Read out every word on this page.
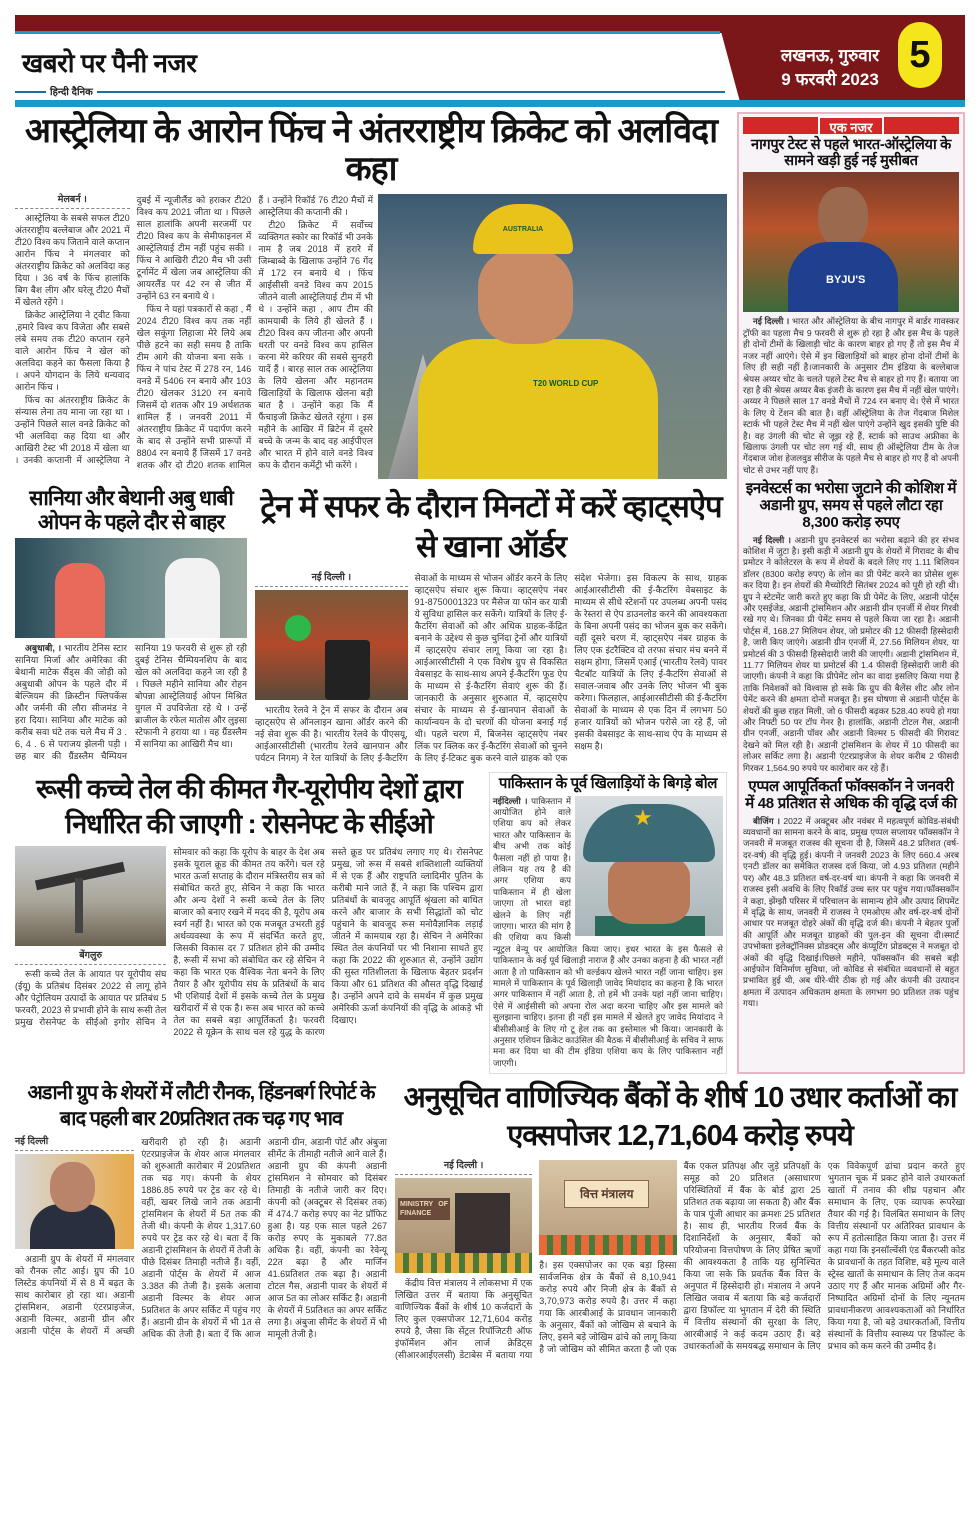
खबरो पर पैनी नजर
हिन्दी दैनिक
लखनऊ, गुरुवार
9 फरवरी 2023
5
आस्ट्रेलिया के आरोन फिंच ने अंतरराष्ट्रीय क्रिकेट को अलविदा कहा
मेलबर्न ।

आस्ट्रेलिया के सबसे सफल टी20 अंतरराष्ट्रीय बल्लेबाज और 2021 में टी20 विश्व कप जिताने वाले कप्तान आरोन फिंच ने मंगलवार को अंतरराष्ट्रीय क्रिकेट को अलविदा कह दिया । 36 वर्ष के फिंच हालांकि बिग बैश लीग और घरेलू टी20 मैचों में खेलते रहेंगे ।

क्रिकेट आस्ट्रेलिया ने ट्वीट किया ,हमारे विश्व कप विजेता और सबसे लंबे समय तक टी20 कप्तान रहने वाले आरोन फिंच ने खेल को अलविदा कहने का फैसला किया है । अपने योगदान के लिये धन्यवाद आरोन फिंच ।

फिंच का अंतरराष्ट्रीय क्रिकेट के संन्यास लेना तय माना जा रहा था । उन्होंने पिछले साल वनडे क्रिकेट को भी अलविदा कह दिया था और आखिरी टेस्ट भी 2018 में खेला था । उनकी कप्तानी में आस्ट्रेलिया ने दुबई में न्यूजीलैंड को हराकर टी20 विश्व कप 2021 जीता था । पिछले साल हालांकि अपनी सरजमीं पर टी20 विश्व कप के सेमीफाइनल में आस्ट्रेलियाई टीम नहीं पहुंच सकी । फिंच ने आखिरी टी20 मैच भी उसी टूर्नामेंट में खेला जब आस्ट्रेलिया की आयरलैंड पर 42 रन से जीत में उन्होंने 63 रन बनाये थे ।

फिंच ने यहां पत्रकारों से कहा , मैं 2024 टी20 विश्व कप तक नहीं खेल सकूंगा लिहाजा मेरे लिये अब पीछे हटने का सही समय है ताकि टीम आगे की योजना बना सके । फिंच ने पांच टेस्ट में 278 रन, 146 वनडे में 5406 रन बनाये और 103 टी20 खेलकर 3120 रन बनाये जिसमें दो शतक और 19 अर्धशतक शामिल हैं । जनवरी 2011 में अंतरराष्ट्रीय क्रिकेट में पदार्पण करने के बाद से उन्होंने सभी प्रारूपों में 8804 रन बनाये हैं जिसमें 17 वनडे शतक और दो टी20 शतक शामिल हैं । उन्होंने रिकॉर्ड 76 टी20 मैचों में आस्ट्रेलिया की कप्तानी की ।

टी20 क्रिकेट में सर्वोच्च व्यक्तिगत स्कोर का रिकॉर्ड भी उनके नाम है जब 2018 में हरारे में जिम्बाब्वे के खिलाफ उन्होंने 76 गेंद में 172 रन बनाये थे । फिंच आईसीसी वनडे विश्व कप 2015 जीतने वाली आस्ट्रेलियाई टीम में भी थे । उन्होंने कहा , आप टीम की कामयाबी के लिये ही खेलते हैं । टी20 विश्व कप जीतना और अपनी धरती पर वनडे विश्व कप हासिल करना मेरे करियर की सबसे सुनहरी यादें हैं । बारह साल तक आस्ट्रेलिया के लिये खेलना और महानतम खिलाड़ियों के खिलाफ खेलना बड़ी बात है । उन्होंने कहा कि मैं फैंचाइजी क्रिकेट खेलते रहूंगा । इस महीने के आखिर में ब्रिटेन में दूसरे बच्चे के जन्म के बाद वह आईपीएल और भारत में होने वाले वनडे विश्व कप के दौरान कमेंट्री भी करेंगे ।

AUSTRALIA
T20 WORLD CUP
सानिया और बेथानी अबु धाबी ओपन के पहले दौर से बाहर

अबुधाबी, । भारतीय टेनिस स्टार सानिया मिर्जा और अमेरिका की बेथानी माटेक सैंड्स की जोड़ी को अबुधाबी ओपन के पहले दौर में बेल्जियम की क्रिस्टीन फ्लिपकेंस और जर्मनी की लौरा सीजमंड ने हरा दिया। सानिया और माटेक को करीब सवा घंटे तक चले मैच में 3 . 6, 4 . 6 से पराजय झेलनी पड़ी । छह बार की ग्रैंडस्लैम चैम्पियन सानिया 19 फरवरी से शुरू हो रही दुबई टेनिस चैम्पियनशिप के बाद खेल को अलविदा कहने जा रही है । पिछले महीने सानिया और रोहन बोपन्ना आस्ट्रेलियाई ओपन मिश्रित युगल में उपविजेता रहे थे । उन्हें ब्राजील के रफेल मातोस और लुइसा स्टेफानी ने हराया था । वह ग्रैंडस्लैम में सानिया का आखिरी मैच था।

ट्रेन में सफर के दौरान मिनटों में करें व्हाट्सऐप से खाना ऑर्डर
नई दिल्ली ।

भारतीय रेलवे ने ट्रेन में सफर के दौरान अब व्हाट्सऐप से ऑनलाइन खाना ऑर्डर करने की नई सेवा शुरू की है। भारतीय रेलवे के पीएसयू, आईआरसीटीसी (भारतीय रेलवे खानपान और पर्यटन निगम) ने रेल यात्रियों के लिए ई-कैटरिंग सेवाओं के माध्यम से भोजन ऑर्डर करने के लिए व्हाट्सऐप संचार शुरू किया। व्हाट्सऐप नंबर 91-8750001323 पर मैसेज या फोन कर यात्री ये सुविधा हासिल कर सकेंगे। यात्रियों के लिए ई-कैटरिंग सेवाओं को और अधिक ग्राहक-केंद्रित बनाने के उद्देश्य से कुछ चुनिंदा ट्रेनों और यात्रियों में व्हाट्सऐप संचार लागू किया जा रहा है। आईआरसीटीसी ने एक विशेष ग्रुप से विकसित वेबसाइट के साथ-साथ अपने ई-कैटरिंग फूड ऐप के माध्यम से ई-कैटरिंग सेवाएं शुरू की हैं। जानकारी के अनुसार शुरुआत में, व्हाट्सऐप संचार के माध्यम से ई-खानपान सेवाओं के कार्यान्वयन के दो चरणों की योजना बनाई गई थी। पहले चरण में, बिजनेस व्हाट्सऐप नंबर लिंक पर क्लिक कर ई-कैटरिंग सेवाओं को चुनने के लिए ई-टिकट बुक करने वाले ग्राहक को एक संदेश भेजेगा। इस विकल्प के साथ, ग्राहक आईआरसीटीसी की ई-कैटरिंग वेबसाइट के माध्यम से सीधे स्टेशनों पर उपलब्ध अपनी पसंद के रेस्तरां से ऐप डाउनलोड करने की आवश्यकता के बिना अपनी पसंद का भोजन बुक कर सकेंगे। वहीं दूसरे चरण में, व्हाट्सऐप नंबर ग्राहक के लिए एक इंटरैक्टिव दो तरफा संचार मंच बनने में सक्षम होगा, जिसमें एआई (भारतीय रेलवे) पावर चैटबॉट यात्रियों के लिए ई-कैटरिंग सेवाओं से सवाल-जवाब और उनके लिए भोजन भी बुक करेगा। फिलहाल, आईआरसीटीसी की ई-कैटरिंग सेवाओं के माध्यम से एक दिन में लगभग 50 हजार यात्रियों को भोजन परोसे जा रहे हैं, जो इसकी वेबसाइट के साथ-साथ ऐप के माध्यम से सक्षम है।

रूसी कच्चे तेल की कीमत गैर-यूरोपीय देशों द्वारा निर्धारित की जाएगी : रोसनेफ्ट के सीईओ
बेंगलुरु

रूसी कच्चे तेल के आयात पर यूरोपीय संघ (ईयू) के प्रतिबंध दिसंबर 2022 से लागू होने और पेट्रोलियम उत्पादों के आयात पर प्रतिबंध 5 फरवरी, 2023 से प्रभावी होने के साथ रूसी तेल प्रमुख रोसनेफ्ट के सीईओ इगोर सेचिन ने सोमवार को कहा कि यूरोप के बाहर के देश अब इसके यूराल क्रूड की कीमत तय करेंगे। चल रहे भारत ऊर्जा सप्ताह के दौरान मंत्रिस्तरीय सत्र को संबोधित करते हुए, सेचिन ने कहा कि भारत और अन्य देशों ने रूसी कच्चे तेल के लिए बाजार को बनाए रखने में मदद की है, यूरोप अब स्वर्ग नहीं है। भारत को एक मजबूत उभरती हुई अर्थव्यवस्था के रूप में संदर्भित करते हुए, जिसकी विकास दर 7 प्रतिशत होने की उम्मीद है, रूसी में सभा को संबोधित कर रहे सेचिन ने कहा कि भारत एक वैश्विक नेता बनने के लिए तैयार है और यूरोपीय संघ के प्रतिबंधों के बाद भी एशियाई देशों में इसके कच्चे तेल के प्रमुख खरीदारों में से एक है। रूस अब भारत को कच्चे तेल का सबसे बड़ा आपूर्तिकर्ता है। फरवरी 2022 से यूक्रेन के साथ चल रहे युद्ध के कारण सस्ते क्रूड पर प्रतिबंध लगाए गए थे। रोसनेफ्ट प्रमुख, जो रूस में सबसे शक्तिशाली व्यक्तियों में से एक हैं और राष्ट्रपति व्लादिमीर पुतिन के करीबी माने जाते हैं, ने कहा कि पश्चिम द्वारा प्रतिबंधों के बावजूद आपूर्ति श्रृंखला को बाधित करने और बाजार के सभी सिद्धांतों को चोट पहुंचाने के बावजूद रूस मनोवैज्ञानिक लड़ाई जीतने में कामयाब रहा है। सेचिन ने अमेरिका स्थित तेल कंपनियों पर भी निशाना साधते हुए कहा कि 2022 की शुरुआत से, उन्होंने उद्योग की सुस्त गतिशीलता के खिलाफ बेहतर प्रदर्शन किया और 61 प्रतिशत की औसत वृद्धि दिखाई है। उन्होंने अपने दावे के समर्थन में कुछ प्रमुख अमेरिकी ऊर्जा कंपनियों की वृद्धि के आंकड़े भी दिखाए।

पाकिस्तान के पूर्व खिलाड़ियों के बिगड़े बोल
★

नईदिल्ली । पाकिस्तान में आयोजित होने वाले एशिया कप को लेकर भारत और पाकिस्तान के बीच अभी तक कोई फैसला नहीं हो पाया है। लेकिन यह तय है की अगर एशिया कप पाकिस्तान में ही खेला जाएगा तो भारत वहां खेलने के लिए नहीं जाएगा। भारत की मांग है की एशिया कप किसी न्यूट्रल वेन्यू पर आयोजित किया जाए। इधर भारत के इस फैसले से पाकिस्तान के कई पूर्व खिलाड़ी नाराज हैं और उनका कहना है की भारत नहीं आता है तो पाकिस्तान को भी वर्ल्डकप खेलने भारत नहीं जाना चाहिए। इस मामले में पाकिस्तान के पूर्व खिलाड़ी जावेद मियांदाद का कहना है कि भारत अगर पाकिस्तान में नहीं आता है, तो हमें भी उनके यहां नहीं जाना चाहिए। ऐसे में आईसीसी को अपना रोल अदा करना चाहिए और इस मामले को सुलझाना चाहिए। इतना ही नहीं इस मामले में खेलते हुए जावेद मियांदाद ने बीसीसीआई के लिए गो टू हेल तक का इस्तेमाल भी किया। जानकारी के अनुसार एशियन क्रिकेट काउंसिल की बैठक में बीसीसीआई के सचिव ने साफ मना कर दिया था की टीम इंडिया एशिया कप के लिए पाकिस्तान नहीं जाएगी।

एक नजर
नागपुर टेस्ट से पहले भारत-ऑस्ट्रेलिया के सामने खड़ी हुई नई मुसीबत
BYJU'S

नई दिल्ली । भारत और ऑस्ट्रेलिया के बीच नागपुर में बार्डर गावस्कर ट्रॉफी का पहला मैच 9 फरवरी से शुरू हो रहा है और इस मैच के पहले ही दोनों टीमों के खिलाड़ी चोट के कारण बाहर हो गए हैं तो इस मैच में नजर नहीं आएंगे। ऐसे में इन खिलाड़ियों को बाहर होना दोनों टीमों के लिए ही सही नहीं है।जानकारी के अनुसार टीम इंडिया के बल्लेबाज श्रेयस अय्यर चोट के चलते पहले टेस्ट मैच से बाहर हो गए हैं। बताया जा रहा है की श्रेयस अय्यर बैक इंजरी के कारण इस मैच में नहीं खेल पाएंगे। अय्यर ने पिछले साल 17 वनडे मैचों में 724 रन बनाए थे। ऐसे में भारत के लिए ये टेंशन की बात है। वहीं ऑस्ट्रेलिया के तेज गेंदबाज मिशेल स्टार्क भी पहले टेस्ट मैच में नहीं खेल पाएंगे उन्होंने खुद इसकी पुष्टि की है। वह उंगली की चोट से जूझ रहे हैं, स्टार्क को साउथ अफ्रीका के खिलाफ उंगली पर चोट लग गई थी, साथ ही ऑस्ट्रेलिया टीम के तेज गेंदबाज जोश हेजलवुड सीरीज के पहले मैच से बाहर हो गए हैं वो अपनी चोट से उभर नहीं पाए हैं।

इनवेस्टर्स का भरोसा जुटाने की कोशिश में अडानी ग्रुप, समय से पहले लौटा रहा 8,300 करोड़ रुपए

नई दिल्ली । अडानी ग्रुप इनवेस्टर्स का भरोसा बढ़ाने की हर संभव कोशिश में जुटा है। इसी कड़ी में अडानी ग्रुप के शेयरों में गिरावट के बीच प्रमोटर ने कोलेटरल के रूप में शेयरों के बदले लिए गए 1.11 बिलियन डॉलर (8300 करोड़ रुपए) के लोन का प्री पेमेंट करने का प्रोसेस शुरू कर दिया है। इन शेयरों की मैच्योरिटी सितंबर 2024 को पूरी हो रही थी। ग्रुप ने स्टेटमेंट जारी करते हुए कहा कि प्री पेमेंट के लिए, अडानी पोर्ट्स और एसईजेड, अडानी ट्रांसमिशन और अडानी ग्रीन एनर्जी में शेयर गिरवी रखे गए थे। जिनका प्री पेमेंट समय से पहले किया जा रहा है। अडानी पोर्ट्स में, 168.27 मिलियन शेयर, जो प्रमोटर की 12 फीसदी हिस्सेदारी है, जारी किए जाएंगे। अडानी ग्रीन एनर्जी में, 27.56 मिलियन शेयर, या प्रमोटर्स की 3 फीसदी हिस्सेदारी जारी की जाएगी। अडानी ट्रांसमिशन में, 11.77 मिलियन शेयर या प्रमोटर्स की 1.4 फीसदी हिस्सेदारी जारी की जाएगी। कंपनी ने कहा कि प्रीपेमेंट लोन का वादा इसलिए किया गया है ताकि निवेशकों को विश्वास हो सके कि ग्रुप की बैलेंस शीट और लोन पेमेंट करने की क्षमता दोनों मजबूत है। इस घोषणा से अडानी पोर्ट्स के शेयरों की कुछ राहत मिली, जो 6 फीसदी बढ़कर 528.40 रुपये हो गया और निफ्टी 50 पर टॉप गेनर है। हालांकि, अडानी टोटल गैस, अडानी ग्रीन एनर्जी, अडानी पॉवर और अडानी विल्मर 5 फीसदी की गिरावट देखने को मिल रही है। अडानी ट्रांसमिशन के शेयर में 10 फीसदी का लोअर सर्किट लगा है। अडानी एंटरप्राइजेज के शेयर करीब 2 फीसदी गिरकर 1,564.90 रुपये पर कारोबार कर रहे हैं।

एप्पल आपूर्तिकर्ता फॉक्सकॉन ने जनवरी में 48 प्रतिशत से अधिक की वृद्धि दर्ज की

बीजिंग । 2022 में अक्टूबर और नवंबर में महत्वपूर्ण कोविड-संबंधी व्यवधानों का सामना करने के बाद, प्रमुख एप्पल सप्लायर फॉक्सकॉन ने जनवरी में मजबूत राजस्व की सूचना दी है, जिसमें 48.2 प्रतिशत (वर्ष-दर-वर्ष) की वृद्धि हुई। कंपनी ने जनवरी 2023 के लिए 660.4 अरब एनटी डॉलर का समेकित राजस्व दर्ज किया, जो 4.93 प्रतिशत (महीने पर) और 48.3 प्रतिशत वर्ष-दर-वर्ष था। कंपनी ने कहा कि जनवरी में राजस्व इसी अवधि के लिए रिकॉर्ड उच्च स्तर पर पहुंच गया।फॉक्सकॉन ने कहा, झेंग्झौ परिसर में परिचालन के सामान्य होने और उत्पाद शिपमेंट में वृद्धि के साथ, जनवरी में राजस्व ने एमओएम और वर्ष-दर-वर्ष दोनों आधार पर मजबूत दोहरे अंकों की वृद्धि दर्ज की। कंपनी ने बेहतर पुर्जो की आपूर्ति और मजबूत ग्राहकों की पुल-इन की सूचना दी।स्मार्ट उपभोक्ता इलेक्ट्रॉनिक्स प्रोडक्ट्स और कंप्यूटिंग प्रोडक्ट्स ने मजबूत दो अंकों की वृद्धि दिखाई।पिछले महीने, फॉक्सकॉन की सबसे बड़ी आईफोन विनिर्माण सुविधा, जो कोविड से संबंधित व्यवधानों से बहुत प्रभावित हुई थी, अब धीरे-धीरे ठीक हो गई और कंपनी की उत्पादन क्षमता में उत्पादन अधिकतम क्षमता के लगभग 90 प्रतिशत तक पहुंच गया।

अडानी ग्रुप के शेयरों में लौटी रौनक, हिंडनबर्ग रिपोर्ट के बाद पहली बार 20प्रतिशत तक चढ़ गए भाव
नई दिल्ली

अडानी ग्रुप के शेयरों में मंगलवार को रौनक लौट आई। ग्रुप की 10 लिस्टेड कंपनियों में से 8 में बढ़त के साथ कारोबार हो रहा था। अडानी ट्रांसमिशन, अडानी एंटरप्राइजेज, अडानी विल्मर, अडानी ग्रीन और अडानी पोर्ट्स के शेयरों में अच्छी खरीदारी हो रही है। अडानी एंटरप्राइजेज के शेयर आज मंगलवार को शुरुआती कारोबार में 20प्रतिशत तक चढ़ गए। कंपनी के शेयर 1886.85 रुपये पर ट्रेड कर रहे थे। वहीं, खबर लिखे जाने तक अडानी ट्रांसमिशन के शेयरों में 5त तक की तेजी थी। कंपनी के शेयर 1,317.60 रुपये पर ट्रेड कर रहे थे। बता दें कि अडानी ट्रांसमिशन के शेयरों में तेजी के पीछे दिसंबर तिमाही नतीजे हैं। वहीं, अडानी पोर्ट्स के शेयरों में आज 3.38त की तेजी है। इसके अलावा अडानी विल्मर के शेयर आज 5प्रतिशत के अपर सर्किट में पहुंच गए हैं। अडानी ग्रीन के शेयरों में भी 1त से अधिक की तेजी है। बता दें कि आज अडानी ग्रीन, अडानी पोर्ट और अंबुजा सीमेंट के तीमाही नतीजे आने वाले हैं। अडानी ग्रुप की कंपनी अडानी ट्रांसमिशन ने सोमवार को दिसंबर तिमाही के नतीजे जारी कर दिए। कंपनी को (अक्टूबर से दिसंबर तक) में 474.7 करोड़ रुपए का नेट प्रॉफिट हुआ है। यह एक साल पहले 267 करोड़ रुपए के मुकाबले 77.8त अधिक है। वहीं, कंपनी का रेवेन्यू 22त बढ़ा है और मार्जिन 41.6प्रतिशत तक बढ़ा है। अडानी टोटल गैस, अडानी पावर के शेयरों में आज 5त का लोअर सर्किट है। अडानी के शेयरों में 5प्रतिशत का अपर सर्किट लगा है। अंबुजा सीमेंट के शेयरों में भी मामूली तेजी है।

अनुसूचित वाणिज्यिक बैंकों के शीर्ष 10 उधार कर्ताओं का एक्सपोजर 12,71,604 करोड़ रुपये
नई दिल्ली ।
MINISTRY OF FINANCE
वित्त मंत्रालय

केंद्रीय वित्त मंत्रालय ने लोकसभा में एक लिखित उत्तर में बताया कि अनुसूचित वाणिज्यिक बैंकों के शीर्ष 10 कर्जदारों के लिए कुल एक्सपोजर 12,71,604 करोड़ रुपये है, जैसा कि सेंट्रल रिपॉजिटरी ऑफ इंफॉर्मेशन ऑन लार्ज क्रेडिट्स (सीआरआईएलसी) डेटाबेस में बताया गया है। इस एक्सपोजर का एक बड़ा हिस्सा सार्वजनिक क्षेत्र के बैंकों से 8,10,941 करोड़ रुपये और निजी क्षेत्र के बैंकों से 3,70,973 करोड़ रुपये है। उत्तर में कहा गया कि आरबीआई के प्रावधान जानकारी के अनुसार, बैंकों को जोखिम से बचाने के लिए, इसने बड़े जोखिम ढांचे को लागू किया है जो जोखिम को सीमित करता है जो एक बैंक एकल प्रतिपक्ष और जुड़े प्रतिपक्षों के समूह को 20 प्रतिशत (असाधारण परिस्थितियों में बैंक के बोर्ड द्वारा 25 प्रतिशत तक बढ़ाया जा सकता है) और बैंक के पात्र पूंजी आधार का क्रमशः 25 प्रतिशत है। साथ ही, भारतीय रिजर्व बैंक के दिशानिर्देशों के अनुसार, बैंकों को परियोजना वित्तपोषण के लिए प्रेषित ऋणों की आवश्यकता है ताकि यह सुनिश्चित किया जा सके कि प्रवर्तक बैंक वित्त के अनुपात में हिस्सेदारी हो। मंत्रालय ने अपने लिखित जवाब में बताया कि बड़े कर्जदारों द्वारा डिफॉल्ट या भुगतान में देरी की स्थिति में वित्तीय संस्थानों की सुरक्षा के लिए, आरबीआई ने कई कदम उठाए हैं। बड़े उधारकर्ताओं के समयबद्ध समाधान के लिए एक विवेकपूर्ण ढांचा प्रदान करते हुए भुगतान चूक में प्रकट होने वाले उधारकर्ता खातों में तनाव की शीघ्र पहचान और समाधान के लिए, एक व्यापक रूपरेखा तैयार की गई है। विलंबित समाधान के लिए वित्तीय संस्थानों पर अतिरिक्त प्रावधान के रूप में हतोत्साहित किया जाता है। उत्तर में कहा गया कि इनसॉल्वेंसी एंड बैंकरप्सी कोड के प्रावधानों के तहत विशिष्ट, बड़े मूल्य वाले स्ट्रेस्ड खातों के समाधान के लिए तेज कदम उठाए गए हैं और मानक अग्रिमों और गैर-निष्पादित अग्रिमों दोनों के लिए न्यूनतम प्रावधानीकरण आवश्यकताओं को निर्धारित किया गया है, जो बड़े उधारकर्ताओं, वित्तीय संस्थानों के वित्तीय स्वास्थ्य पर डिफॉल्ट के प्रभाव को कम करने की उम्मीद है।
